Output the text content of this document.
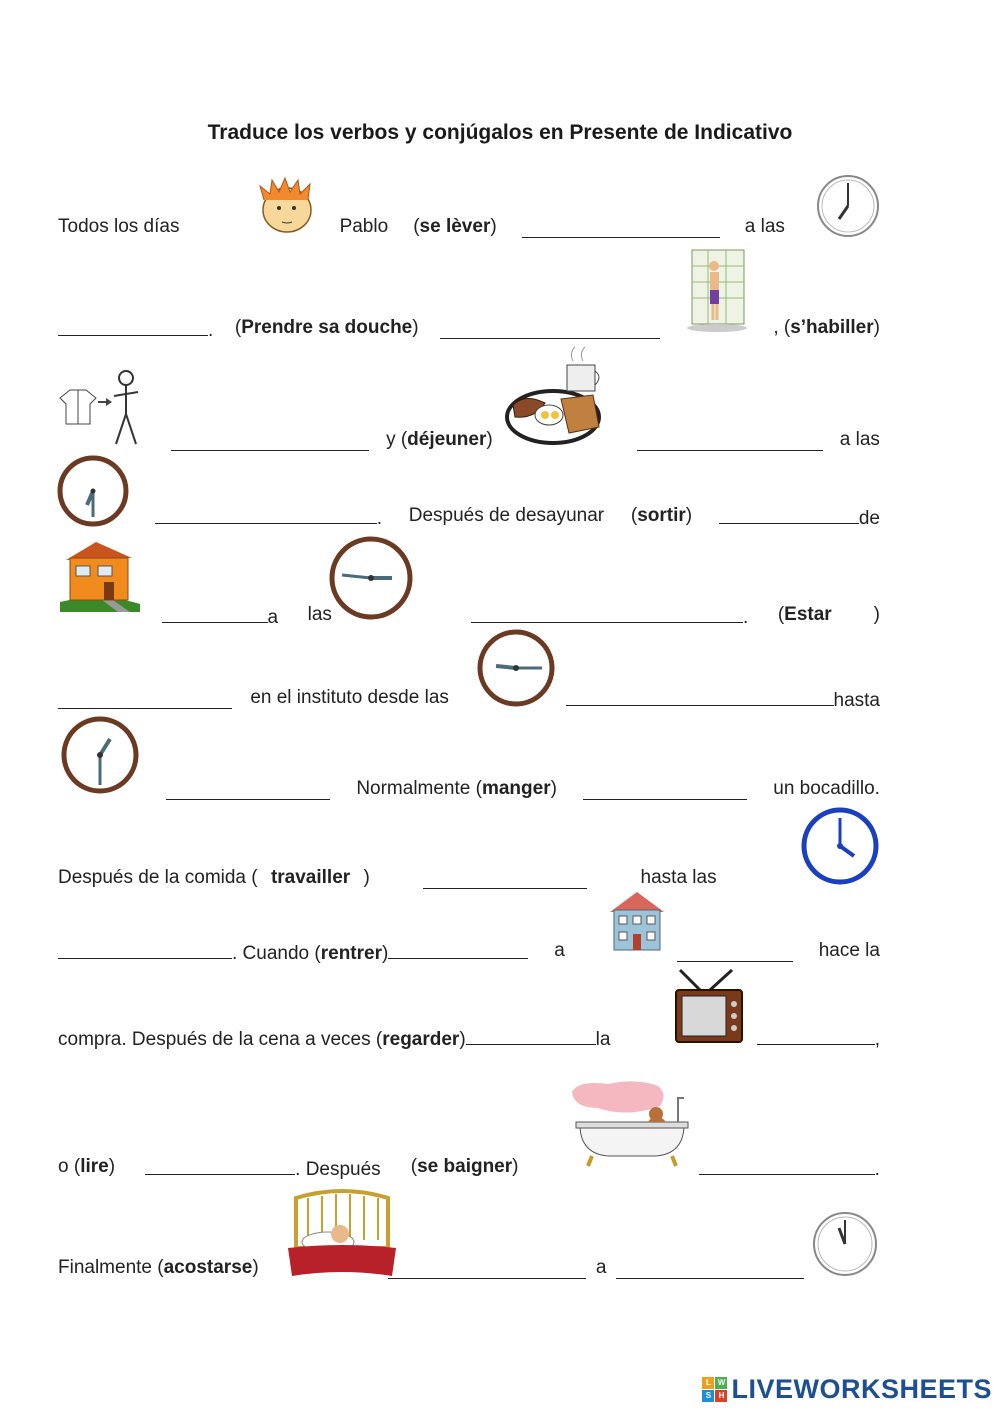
Traduce los verbos y conjúgalos en Presente de Indicativo
Todos los días	Pablo (se lèver)	a las
. (Prendre sa douche)	, (s’habiller)
y (déjeuner)	a las
. Después de desayunar (sortir)	de
a las	. (Estar )
en el instituto desde las	hasta
Normalmente (manger)	un bocadillo.
Después de la comida ( travailler )	hasta las
. Cuando (rentrer)	a	hace la
compra. Después de la cena a veces (regarder)	la	,
o (lire)	. Después (se baigner)	.
Finalmente (acostarse)	a
L W
S H LIVEWORKSHEETS
